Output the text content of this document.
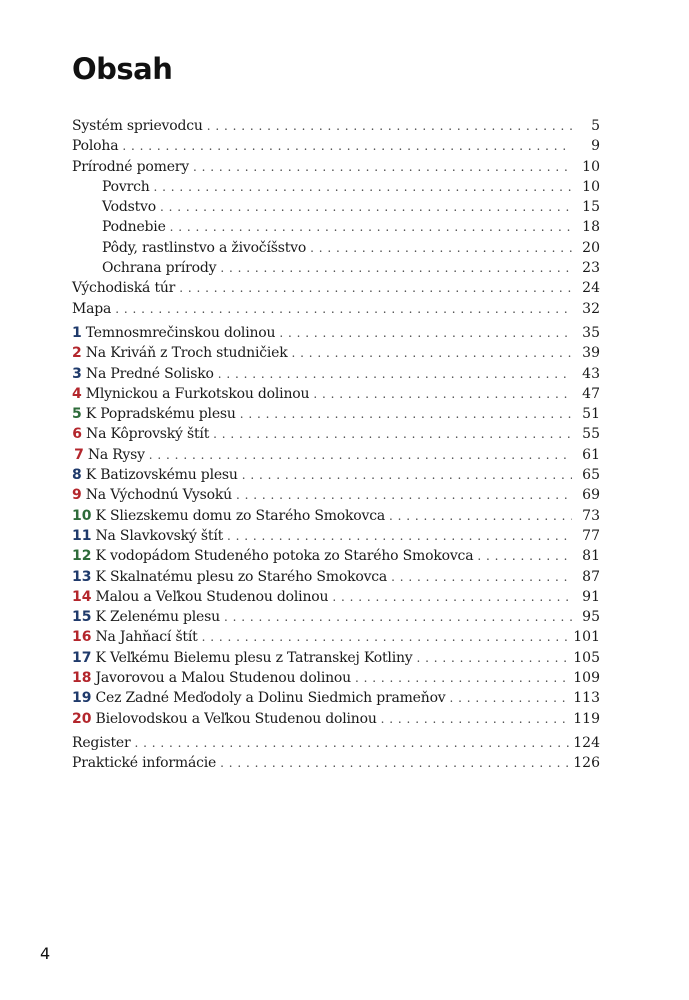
Obsah
Systém sprievodcu . . .	5
Poloha . . .	9
Prírodné pomery . . .	10
Povrch . . .	10
Vodstvo . . .	15
Podnebie . . .	18
Pôdy, rastlinstvo a živočíšstvo . . .	20
Ochrana prírody . . .	23
Východiská túr . . .	24
Mapa . . .	32
1 Temnosmrečinskou dolinou . . .	35
2 Na Kriváň z Troch studničiek . . .	39
3 Na Predné Solisko . . .	43
4 Mlynickou a Furkotskou dolinou . . .	47
5 K Popradskému plesu . . .	51
6 Na Kôprovský štít . . .	55
7 Na Rysy . . .	61
8 K Batizovskému plesu . . .	65
9 Na Východnú Vysokú . . .	69
10 K Sliezskemu domu zo Starého Smokovca . . .	73
11 Na Slavkovský štít . . .	77
12 K vodopádom Studeného potoka zo Starého Smokovca . . .	81
13 K Skalnatému plesu zo Starého Smokovca . . .	87
14 Malou a Veľkou Studenou dolinou . . .	91
15 K Zelenému plesu . . .	95
16 Na Jahňací štít . . .	101
17 K Veľkému Bielemu plesu z Tatranskej Kotliny . . .	105
18 Javorovou a Malou Studenou dolinou . . .	109
19 Cez Zadné Meďodoly a Dolinu Siedmich prameňov . . .	113
20 Bielovodskou a Veľkou Studenou dolinou . . .	119
Register . . .	124
Praktické informácie . . .	126
4
